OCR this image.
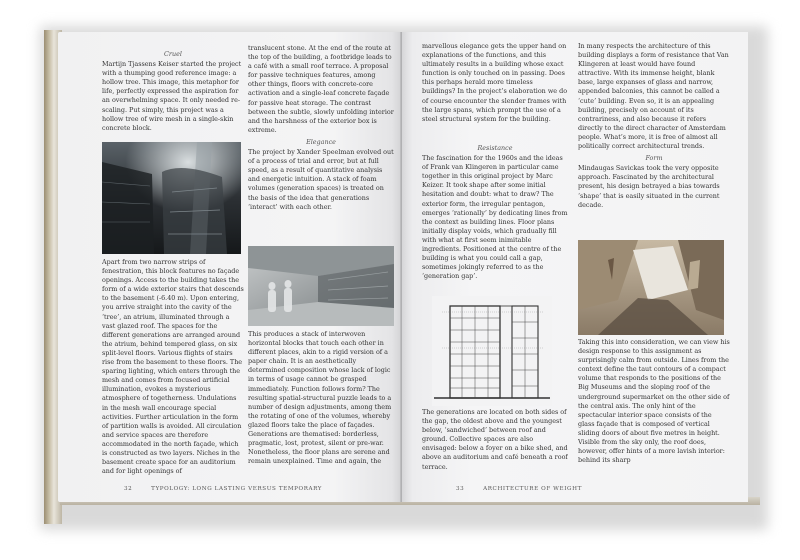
Cruel

Martijn Tjassens Keiser started the project with a thumping good reference image: a hollow tree. This image, this metaphor for life, perfectly expressed the aspiration for an overwhelming space. It only needed re-scaling. Put simply, this project was a hollow tree of wire mesh in a single-skin concrete block.

Apart from two narrow strips of fenestration, this block features no façade openings. Access to the building takes the form of a wide exterior stairs that descends to the basement (-6.40 m). Upon entering, you arrive straight into the cavity of the ‘tree’, an atrium, illuminated through a vast glazed roof. The spaces for the different generations are arranged around the atrium, behind tempered glass, on six split-level floors. Various flights of stairs rise from the basement to these floors. The sparing lighting, which enters through the mesh and comes from focused artificial illumination, evokes a mysterious atmosphere of togetherness. Undulations in the mesh wall encourage special activities. Further articulation in the form of partition walls is avoided. All circulation and service spaces are therefore accommodated in the north façade, which is constructed as two layers. Niches in the basement create space for an auditorium and for light openings of

translucent stone. At the end of the route at the top of the building, a footbridge leads to a café with a small roof terrace. A proposal for passive techniques features, among other things, floors with concrete-core activation and a single-leaf concrete façade for passive heat storage. The contrast between the subtle, slowly unfolding interior and the harshness of the exterior box is extreme.

Elegance

The project by Xander Speelman evolved out of a process of trial and error, but at full speed, as a result of quantitative analysis and energetic intuition. A stack of foam volumes (generation spaces) is treated on the basis of the idea that generations ‘interact’ with each other.

This produces a stack of interwoven horizontal blocks that touch each other in different places, akin to a rigid version of a paper chain. It is an aesthetically determined composition whose lack of logic in terms of usage cannot be grasped immediately. Function follows form? The resulting spatial-structural puzzle leads to a number of design adjustments, among them the rotating of one of the volumes, whereby glazed floors take the place of façades. Generations are thematised: borderless, pragmatic, lost, protest, silent or pre-war. Nonetheless, the floor plans are serene and remain unexplained. Time and again, the

32	TYPOLOGY: LONG LASTING VERSUS TEMPORARY

marvellous elegance gets the upper hand on explanations of the functions, and this ultimately results in a building whose exact function is only touched on in passing. Does this perhaps herald more timeless buildings? In the project’s elaboration we do of course encounter the slender frames with the large spans, which prompt the use of a steel structural system for the building.

Resistance

The fascination for the 1960s and the ideas of Frank van Klingeren in particular came together in this original project by Marc Keizer. It took shape after some initial hesitation and doubt: what to draw? The exterior form, the irregular pentagon, emerges ‘rationally’ by dedicating lines from the context as building lines. Floor plans initially display voids, which gradually fill with what at first seem inimitable ingredients. Positioned at the centre of the building is what you could call a gap, sometimes jokingly referred to as the ‘generation gap’.

The generations are located on both sides of the gap, the oldest above and the youngest below, ‘sandwiched’ between roof and ground. Collective spaces are also envisaged: below a foyer on a bike shed, and above an auditorium and café beneath a roof terrace.

In many respects the architecture of this building displays a form of resistance that Van Klingeren at least would have found attractive. With its immense height, blank base, large expanses of glass and narrow, appended balconies, this cannot be called a ‘cute’ building. Even so, it is an appealing building, precisely on account of its contrariness, and also because it refers directly to the direct character of Amsterdam people. What’s more, it is free of almost all politically correct architectural trends.

Form

Mindaugas Savickas took the very opposite approach. Fascinated by the architectural present, his design betrayed a bias towards ‘shape’ that is easily situated in the current decade.

Taking this into consideration, we can view his design response to this assignment as surprisingly calm from outside. Lines from the context define the taut contours of a compact volume that responds to the positions of the Big Museums and the sloping roof of the underground supermarket on the other side of the central axis. The only hint of the spectacular interior space consists of the glass façade that is composed of vertical sliding doors of about five metres in height. Visible from the sky only, the roof does, however, offer hints of a more lavish interior: behind its sharp

33	ARCHITECTURE OF WEIGHT
